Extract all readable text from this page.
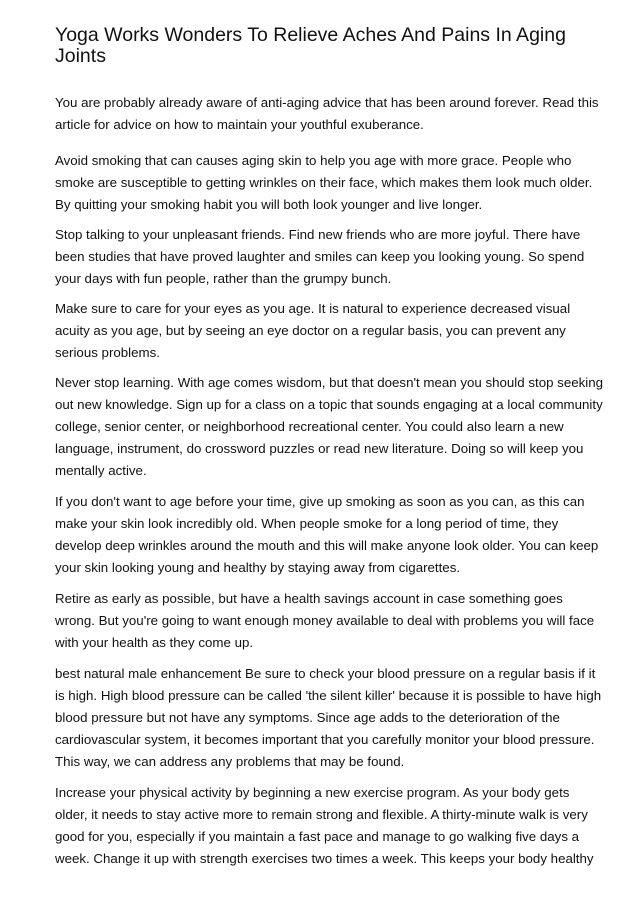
Yoga Works Wonders To Relieve Aches And Pains In Aging Joints

You are probably already aware of anti-aging advice that has been around forever. Read this
article for advice on how to maintain your youthful exuberance.

Avoid smoking that can causes aging skin to help you age with more grace. People who
smoke are susceptible to getting wrinkles on their face, which makes them look much older.
By quitting your smoking habit you will both look younger and live longer.

Stop talking to your unpleasant friends. Find new friends who are more joyful. There have
been studies that have proved laughter and smiles can keep you looking young. So spend
your days with fun people, rather than the grumpy bunch.

Make sure to care for your eyes as you age. It is natural to experience decreased visual
acuity as you age, but by seeing an eye doctor on a regular basis, you can prevent any
serious problems.

Never stop learning. With age comes wisdom, but that doesn't mean you should stop seeking
out new knowledge. Sign up for a class on a topic that sounds engaging at a local community
college, senior center, or neighborhood recreational center. You could also learn a new
language, instrument, do crossword puzzles or read new literature. Doing so will keep you
mentally active.

If you don't want to age before your time, give up smoking as soon as you can, as this can
make your skin look incredibly old. When people smoke for a long period of time, they
develop deep wrinkles around the mouth and this will make anyone look older. You can keep
your skin looking young and healthy by staying away from cigarettes.

Retire as early as possible, but have a health savings account in case something goes
wrong. But you're going to want enough money available to deal with problems you will face
with your health as they come up.

best natural male enhancement Be sure to check your blood pressure on a regular basis if it
is high. High blood pressure can be called 'the silent killer' because it is possible to have high
blood pressure but not have any symptoms. Since age adds to the deterioration of the
cardiovascular system, it becomes important that you carefully monitor your blood pressure.
This way, we can address any problems that may be found.

Increase your physical activity by beginning a new exercise program. As your body gets
older, it needs to stay active more to remain strong and flexible. A thirty-minute walk is very
good for you, especially if you maintain a fast pace and manage to go walking five days a
week. Change it up with strength exercises two times a week. This keeps your body healthy
